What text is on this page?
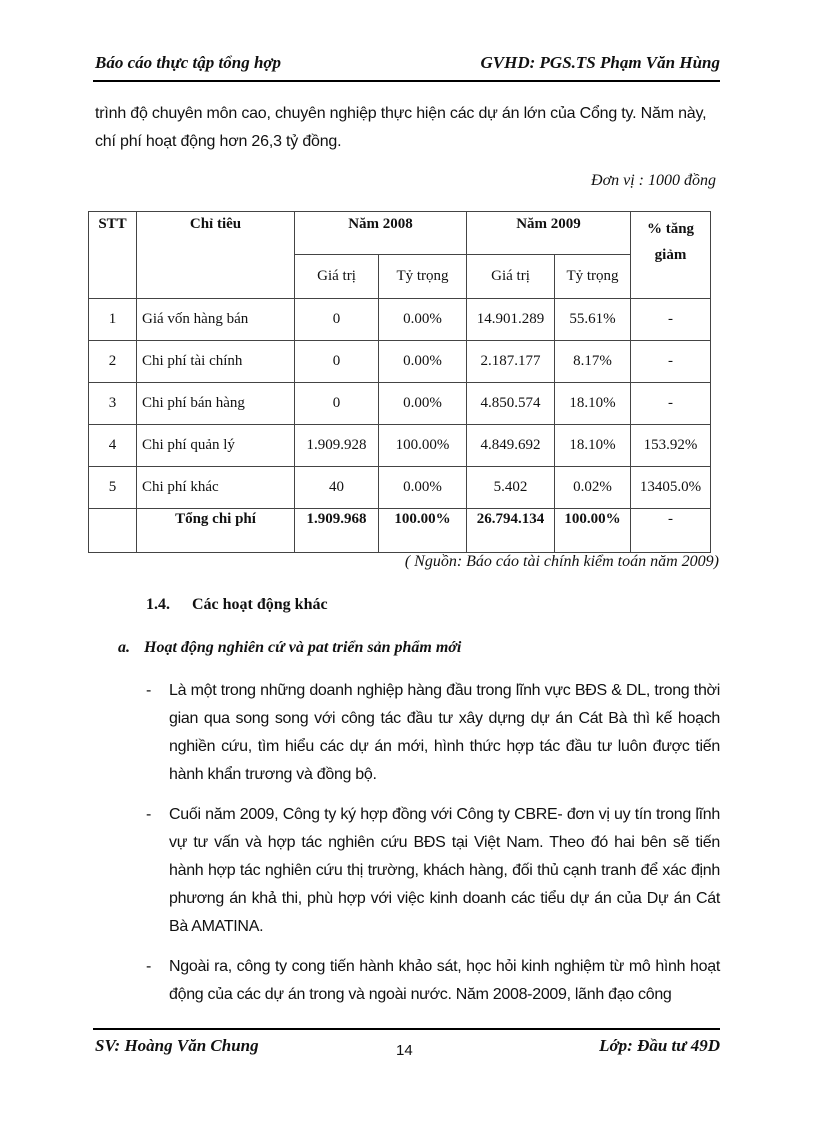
Báo cáo thực tập tổng hợp	GVHD: PGS.TS Phạm Văn Hùng
trình độ chuyên môn cao, chuyên nghiệp thực hiện các dự án lớn của Cổng ty. Năm này, chí phí hoạt động hơn 26,3 tỷ đồng.
Đơn vị : 1000 đồng
STT	Chỉ tiêu	Năm 2008		Năm 2009		% tăng giảm
		Giá trị	Tỷ trọng	Giá trị	Tỷ trọng	
1	Giá vốn hàng bán	0	0.00%	14.901.289	55.61%	-
2	Chi phí tài chính	0	0.00%	2.187.177	8.17%	-
3	Chi phí bán hàng	0	0.00%	4.850.574	18.10%	-
4	Chi phí quản lý	1.909.928	100.00%	4.849.692	18.10%	153.92%
5	Chi phí khác	40	0.00%	5.402	0.02%	13405.0%
	Tổng chi phí	1.909.968	100.00%	26.794.134	100.00%	-
( Nguồn: Báo cáo tài chính kiểm toán năm 2009)
1.4. Các hoạt động khác
a. Hoạt động nghiên cứ và pat triển sản phẩm mới
- Là một trong những doanh nghiệp hàng đầu trong lĩnh vực BĐS & DL, trong thời gian qua song song với công tác đầu tư xây dựng dự án Cát Bà thì kế hoạch nghiền cứu, tìm hiểu các dự án mới, hình thức hợp tác đầu tư luôn được tiến hành khẩn trương và đồng bộ.
- Cuối năm 2009, Công ty ký hợp đồng với Công ty CBRE- đơn vị uy tín trong lĩnh vự tư vấn và hợp tác nghiên cứu BĐS tại Việt Nam. Theo đó hai bên sẽ tiến hành hợp tác nghiên cứu thị trường, khách hàng, đối thủ cạnh tranh để xác định phương án khả thi, phù hợp với việc kinh doanh các tiểu dự án của Dự án Cát Bà AMATINA.
- Ngoài ra, công ty cong tiến hành khảo sát, học hỏi kinh nghiệm từ mô hình hoạt động của các dự án trong và ngoài nước. Năm 2008-2009, lãnh đạo công
SV: Hoàng Văn Chung	14	Lớp: Đầu tư 49D
